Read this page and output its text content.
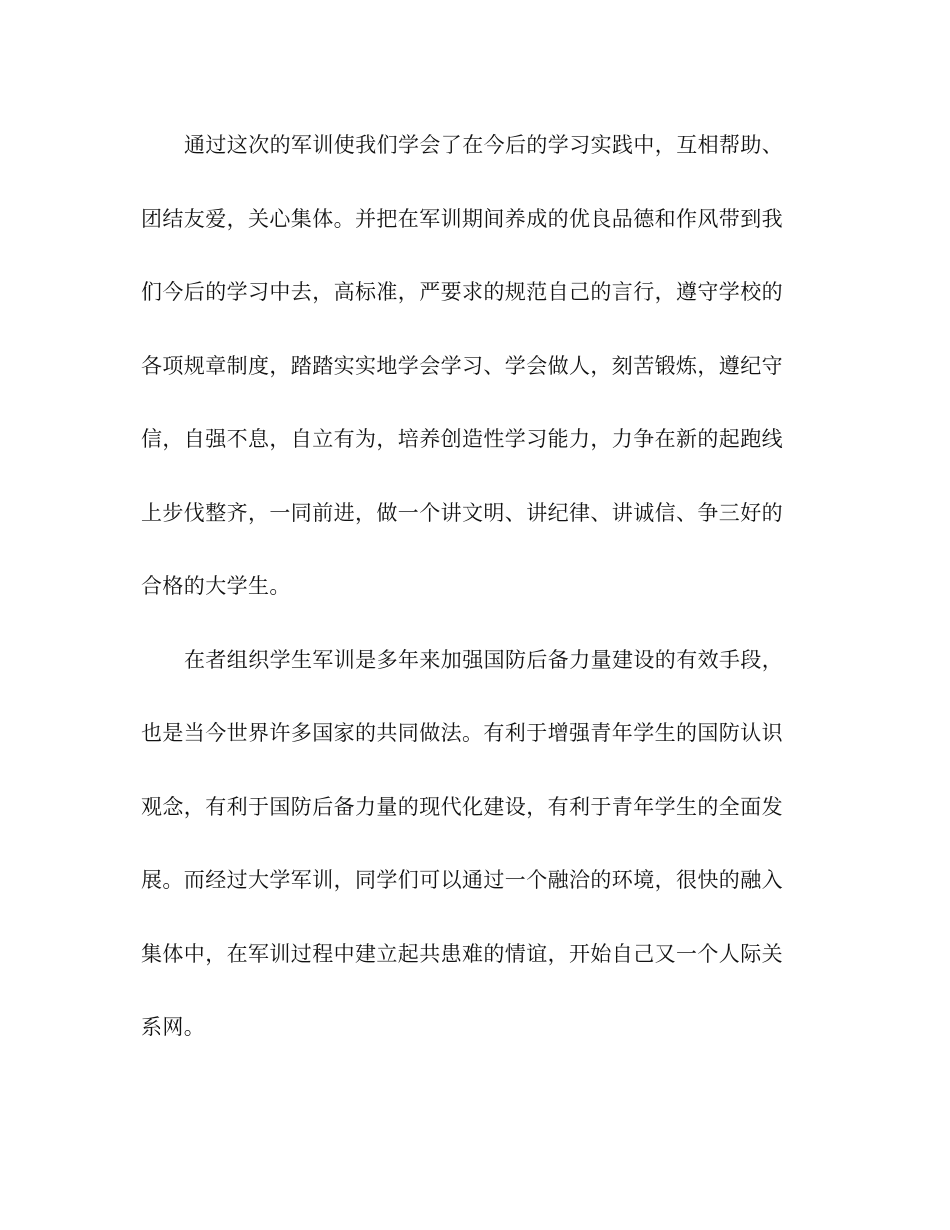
通过这次的军训使我们学会了在今后的学习实践中，互相帮助、
团结友爱，关心集体。并把在军训期间养成的优良品德和作风带到我
们今后的学习中去，高标准，严要求的规范自己的言行，遵守学校的
各项规章制度，踏踏实实地学会学习、学会做人，刻苦锻炼，遵纪守
信，自强不息，自立有为，培养创造性学习能力，力争在新的起跑线
上步伐整齐，一同前进，做一个讲文明、讲纪律、讲诚信、争三好的
合格的大学生。
在者组织学生军训是多年来加强国防后备力量建设的有效手段，
也是当今世界许多国家的共同做法。有利于增强青年学生的国防认识
观念，有利于国防后备力量的现代化建设，有利于青年学生的全面发
展。而经过大学军训，同学们可以通过一个融洽的环境，很快的融入
集体中，在军训过程中建立起共患难的情谊，开始自己又一个人际关
系网。
